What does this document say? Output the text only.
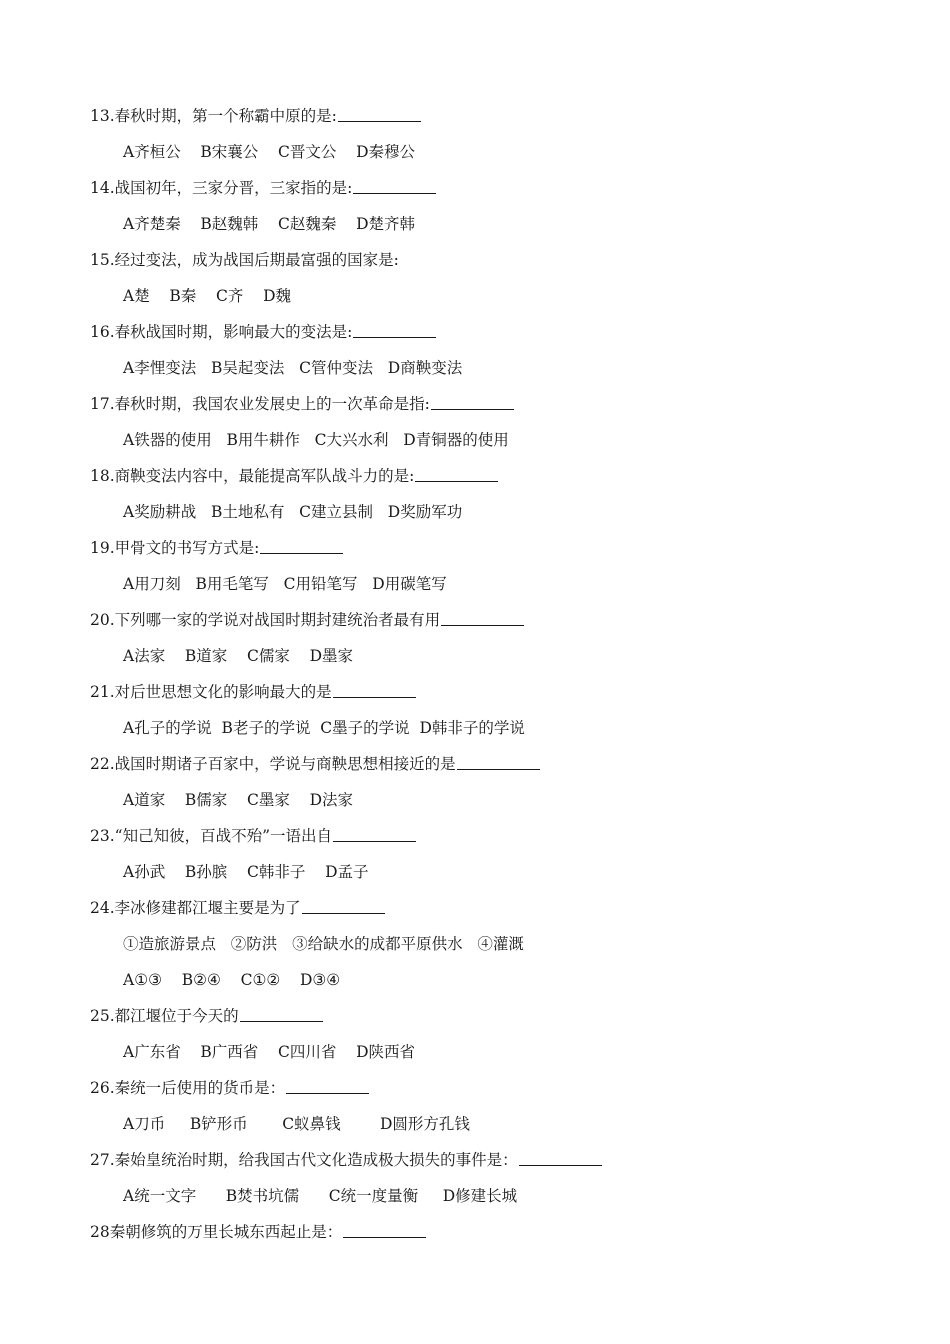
13.春秋时期，第一个称霸中原的是:
A齐桓公    B宋襄公    C晋文公    D秦穆公
14.战国初年，三家分晋，三家指的是:
A齐楚秦    B赵魏韩    C赵魏秦    D楚齐韩
15.经过变法，成为战国后期最富强的国家是:
A楚    B秦    C齐    D魏
16.春秋战国时期，影响最大的变法是:
A李悝变法   B吴起变法   C管仲变法   D商鞅变法
17.春秋时期，我国农业发展史上的一次革命是指:
A铁器的使用   B用牛耕作   C大兴水利   D青铜器的使用
18.商鞅变法内容中，最能提高军队战斗力的是:
A奖励耕战   B土地私有   C建立县制   D奖励军功
19.甲骨文的书写方式是:
A用刀刻   B用毛笔写   C用铅笔写   D用碳笔写
20.下列哪一家的学说对战国时期封建统治者最有用
A法家    B道家    C儒家    D墨家
21.对后世思想文化的影响最大的是
A孔子的学说  B老子的学说  C墨子的学说  D韩非子的学说
22.战国时期诸子百家中，学说与商鞅思想相接近的是
A道家    B儒家    C墨家    D法家
23.“知己知彼，百战不殆”一语出自
A孙武    B孙膑    C韩非子    D孟子
24.李冰修建都江堰主要是为了
①造旅游景点   ②防洪   ③给缺水的成都平原供水   ④灌溉
A①③    B②④    C①②    D③④
25.都江堰位于今天的
A广东省    B广西省    C四川省    D陕西省
26.秦统一后使用的货币是：
A刀币     B铲形币       C蚁鼻钱        D圆形方孔钱
27.秦始皇统治时期，给我国古代文化造成极大损失的事件是：
A统一文字      B焚书坑儒      C统一度量衡     D修建长城
28秦朝修筑的万里长城东西起止是：
